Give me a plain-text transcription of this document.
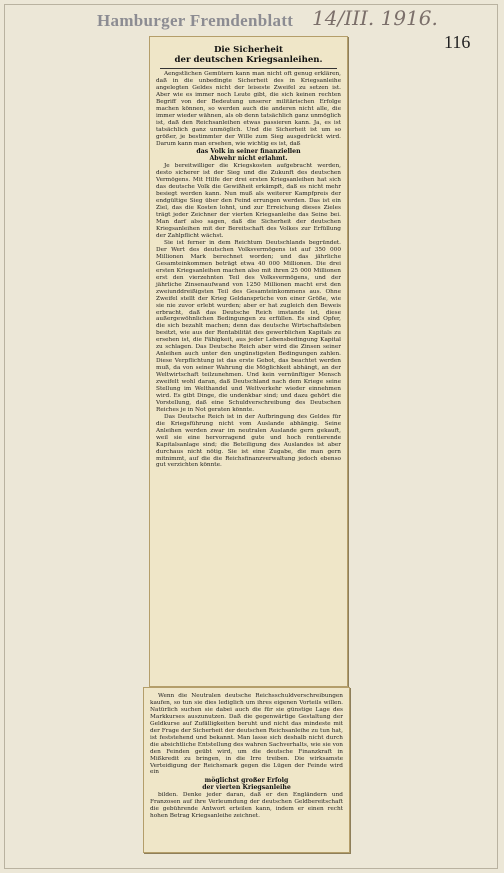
Hamburger Fremdenblatt 14/III. 1916.
116
Die Sicherheit
der deutschen Kriegsanleihen.

Aengstlichen Gemütern kann man nicht oft genug erklären, daß in die unbedingte Sicherheit des in Kriegsanleihe angelegten Geldes nicht der leiseste Zweifel zu setzen ist. Aber wie es immer noch Leute gibt, die sich keinen rechten Begriff von der Bedeutung unserer militärischen Erfolge machen können, so werden auch die anderen nicht alle, die immer wieder wähnen, als ob denn tatsächlich ganz unmöglich ist, daß den Reichsanleihen etwas passieren kann. Ja, es ist tatsächlich ganz unmöglich. Und die Sicherheit ist um so größer, je bestimmter der Wille zum Sieg ausgedrückt wird. Darum kann man ersehen, wie wichtig es ist, daß

das Volk in seiner finanziellen
Abwehr nicht erlahmt.

Je bereitwilliger die Kriegskosten aufgebracht werden, desto sicherer ist der Sieg und die Zukunft des deutschen Vermögens. Mit Hilfe der drei ersten Kriegsanleihen hat sich das deutsche Volk die Gewißheit erkämpft, daß es nicht mehr besiegt werden kann. Nun muß als weiterer Kampfpreis der endgültige Sieg über den Feind errungen werden. Das ist ein Ziel, das die Kosten lohnt, und zur Erreichung dieses Zieles trägt jeder Zeichner der vierten Kriegsanleihe das Seine bei. Man darf also sagen, daß die Sicherheit der deutschen Kriegsanleihen mit der Bereitschaft des Volkes zur Erfüllung der Zahlpflicht wächst.

Sie ist ferner in dem Reichtum Deutschlands begründet. Der Wert des deutschen Volksvermögens ist auf 350 000 Millionen Mark berechnet worden; und das jährliche Gesamteinkommen beträgt etwa 40 000 Millionen. Die drei ersten Kriegsanleihen machen also mit ihren 25 000 Millionen erst den vierzehnten Teil des Volksvermögens, und der jährliche Zinsenaufwand von 1250 Millionen macht erst den zweiunddreißigsten Teil des Gesamteinkommens aus. Ohne Zweifel stellt der Krieg Geldansprüche von einer Größe, wie sie nie zuvor erlebt wurden; aber er hat zugleich den Beweis erbracht, daß das Deutsche Reich imstande ist, diese außergewöhnlichen Bedingungen zu erfüllen. Es sind Opfer, die sich bezahlt machen; denn das deutsche Wirtschaftsleben besitzt, wie aus der Rentabilität des gewerblichen Kapitals zu ersehen ist, die Fähigkeit, aus jeder Lebensbedingung Kapital zu schlagen. Das Deutsche Reich aber wird die Zinsen seiner Anleihen auch unter den ungünstigsten Bedingungen zahlen. Diese Verpflichtung ist das erste Gebot, das beachtet werden muß, da von seiner Wahrung die Möglichkeit abhängt, an der Weltwirtschaft teilzunehmen. Und kein vernünftiger Mensch zweifelt wohl daran, daß Deutschland nach dem Kriege seine Stellung im Welthandel und Weltverkehr wieder einnehmen wird. Es gibt Dinge, die undenkbar sind; und dazu gehört die Vorstellung, daß eine Schuldverschreibung des Deutschen Reiches je in Not geraten könnte.

Das Deutsche Reich ist in der Aufbringung des Geldes für die Kriegsführung nicht vom Auslande abhängig. Seine Anleihen werden zwar im neutralen Auslande gern gekauft, weil sie eine hervorragend gute und hoch rentierende Kapitalsanlage sind; die Beteiligung des Auslandes ist aber durchaus nicht nötig. Sie ist eine Zugabe, die man gern mitnimmt, auf die die Reichsfinanzverwaltung jedoch ebenso gut verzichten könnte.

Wenn die Neutralen deutsche Reichsschuldverschreibungen kaufen, so tun sie dies lediglich um ihres eigenen Vorteils willen. Natürlich suchen sie dabei auch die für sie günstige Lage des Markkurses auszunutzen. Daß die gegenwärtige Gestaltung der Geldkurse auf Zufälligkeiten beruht und nicht das mindeste mit der Frage der Sicherheit der deutschen Reichsanleihe zu tun hat, ist feststehend und bekannt. Man lasse sich deshalb nicht durch die absichtliche Entstellung des wahren Sachverhalts, wie sie von den Feinden geübt wird, um die deutsche Finanzkraft in Mißkredit zu bringen, in die Irre treiben. Die wirksamste Verteidigung der Reichsmark gegen die Lügen der Feinde wird ein

möglichst großer Erfolg
der vierten Kriegsanleihe

bilden. Denke jeder daran, daß er den Engländern und Franzosen auf ihre Verleumdung der deutschen Geldbereitschaft die gebührende Antwort erteilen kann, indem er einen recht hohen Betrag Kriegsanleihe zeichnet.
